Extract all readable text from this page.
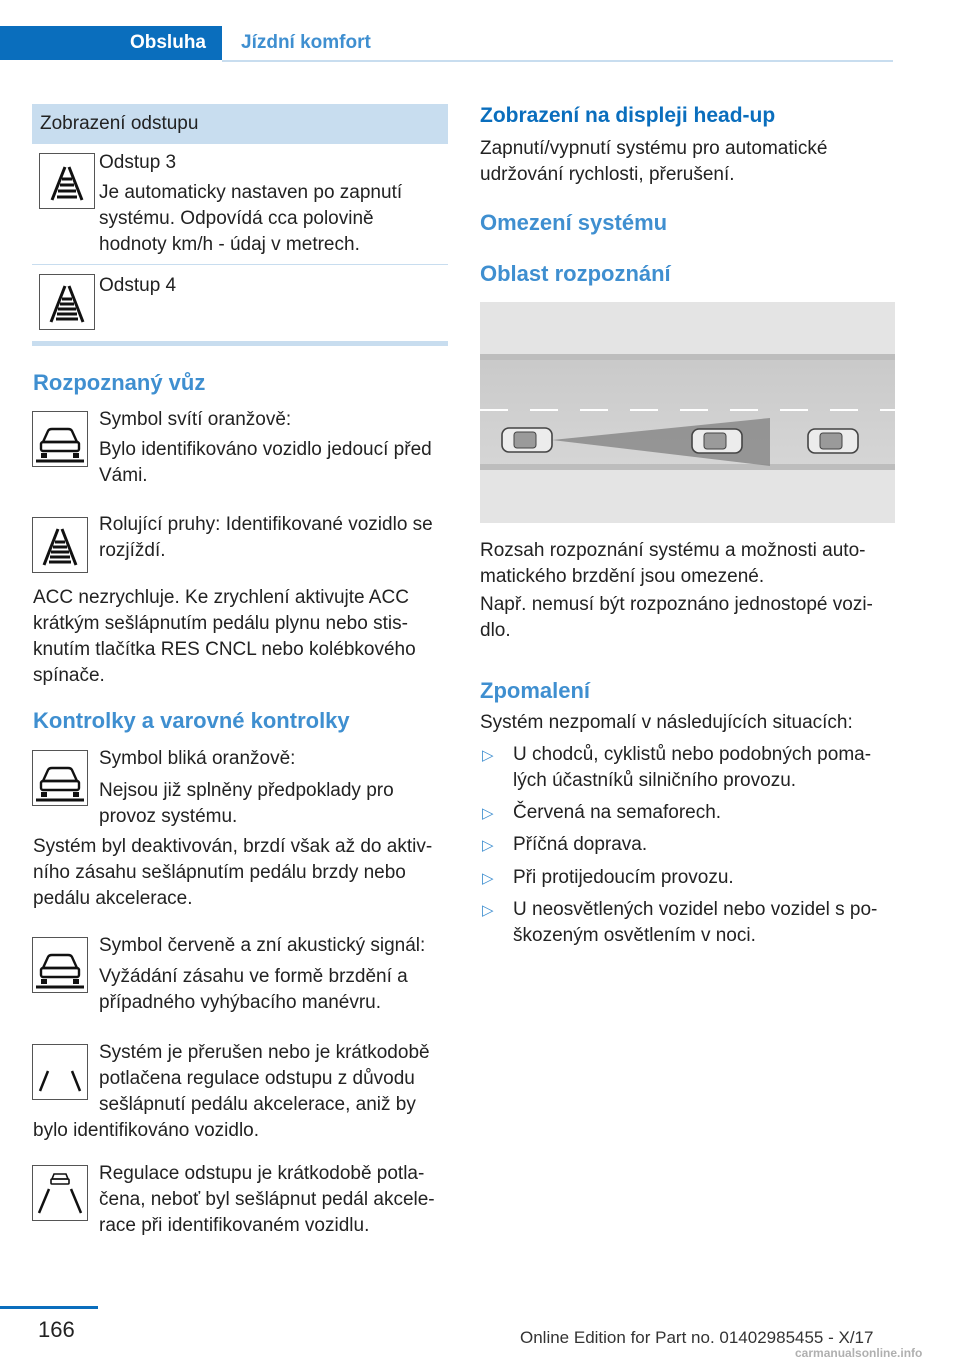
Obsluha	Jízdní komfort
Zobrazení odstupu
Odstup 3
Je automaticky nastaven po zapnutí systému. Odpovídá cca polovině hodnoty km/h - údaj v metrech.
Odstup 4
Rozpoznaný vůz
Symbol svítí oranžově:
Bylo identifikováno vozidlo jedoucí před Vámi.
Rolující pruhy: Identifikované vozidlo se rozjíždí.
ACC nezrychluje. Ke zrychlení aktivujte ACC krátkým sešlápnutím pedálu plynu nebo stis‐knutím tlačítka RES CNCL nebo kolébkového spínače.
Kontrolky a varovné kontrolky
Symbol bliká oranžově:
Nejsou již splněny předpoklady pro provoz systému.
Systém byl deaktivován, brzdí však až do aktiv‐ního zásahu sešlápnutím pedálu brzdy nebo pedálu akcelerace.
Symbol červeně a zní akustický signál:
Vyžádání zásahu ve formě brzdění a případného vyhýbacího manévru.
Systém je přerušen nebo je krátkodobě
potlačena regulace odstupu z důvodu
sešlápnutí pedálu akcelerace, aniž by
bylo identifikováno vozidlo.
Regulace odstupu je krátkodobě potla‐
čena, neboť byl sešlápnut pedál akcele‐
race při identifikovaném vozidlu.
Zobrazení na displeji head-up
Zapnutí/vypnutí systému pro automatické udržování rychlosti, přerušení.
Omezení systému
Oblast rozpoznání
Rozsah rozpoznání systému a možnosti auto‐matického brzdění jsou omezené.
Např. nemusí být rozpoznáno jednostopé vozi‐dlo.
Zpomalení
Systém nezpomalí v následujících situacích:
▷ U chodců, cyklistů nebo podobných poma‐lých účastníků silničního provozu.
▷ Červená na semaforech.
▷ Příčná doprava.
▷ Při protijedoucím provozu.
▷ U neosvětlených vozidel nebo vozidel s po‐škozeným osvětlením v noci.
166	Online Edition for Part no. 01402985455 - X/17
carmanualsonline.info
